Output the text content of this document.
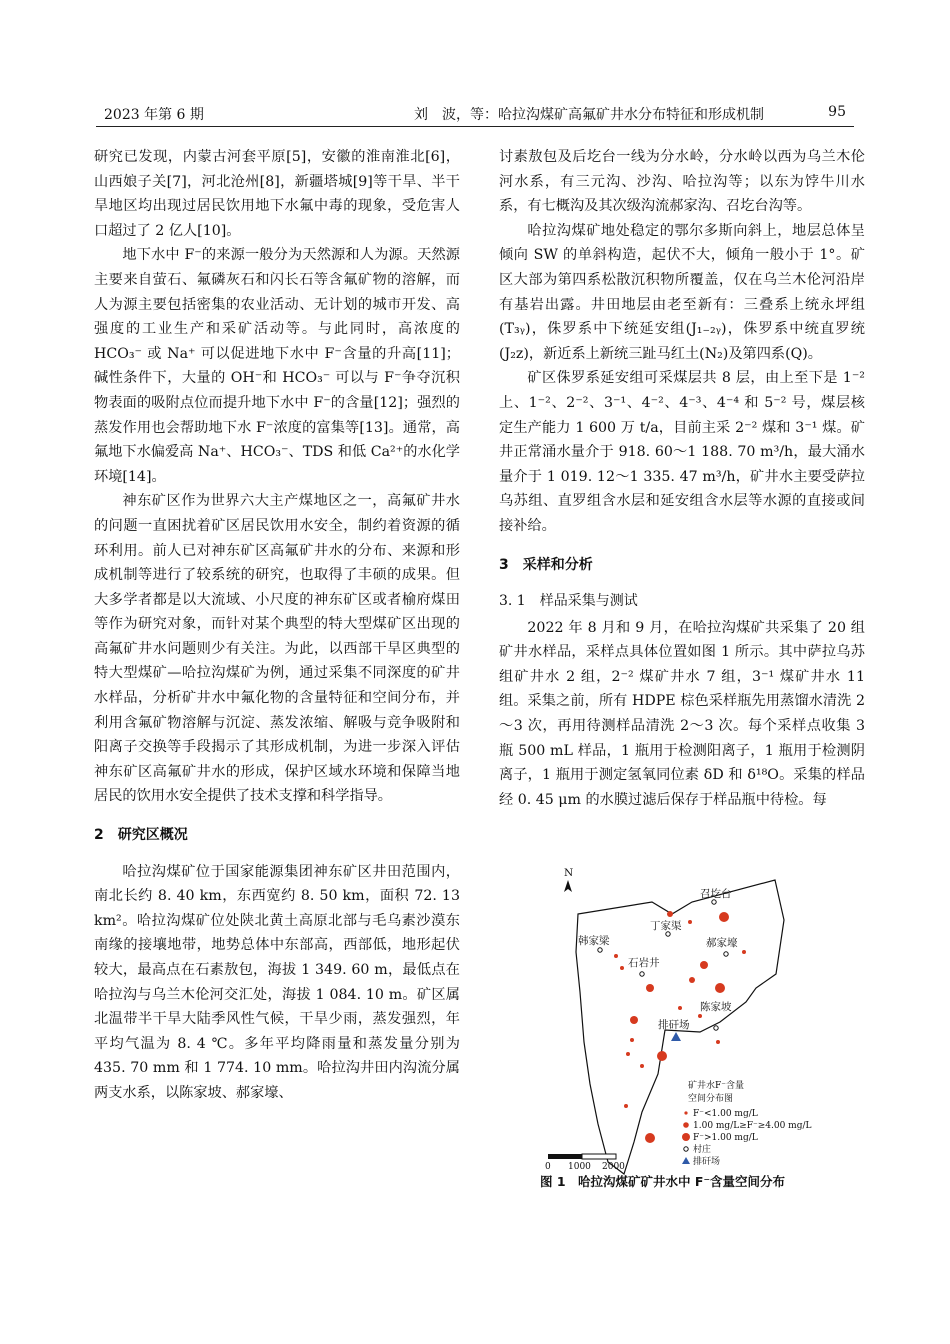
2023 年第 6 期	刘　波，等：哈拉沟煤矿高氟矿井水分布特征和形成机制	95

研究已发现，内蒙古河套平原[5]，安徽的淮南淮北[6]，山西娘子关[7]，河北沧州[8]，新疆塔城[9]等干旱、半干旱地区均出现过居民饮用地下水氟中毒的现象，受危害人口超过了 2 亿人[10]。

地下水中 F⁻的来源一般分为天然源和人为源。天然源主要来自萤石、氟磷灰石和闪长石等含氟矿物的溶解，而人为源主要包括密集的农业活动、无计划的城市开发、高强度的工业生产和采矿活动等。与此同时，高浓度的 HCO₃⁻ 或 Na⁺ 可以促进地下水中 F⁻含量的升高[11]；碱性条件下，大量的 OH⁻和 HCO₃⁻ 可以与 F⁻争夺沉积物表面的吸附点位而提升地下水中 F⁻的含量[12]；强烈的蒸发作用也会帮助地下水 F⁻浓度的富集等[13]。通常，高氟地下水偏爱高 Na⁺、HCO₃⁻、TDS 和低 Ca²⁺的水化学环境[14]。

神东矿区作为世界六大主产煤地区之一，高氟矿井水的问题一直困扰着矿区居民饮用水安全，制约着资源的循环利用。前人已对神东矿区高氟矿井水的分布、来源和形成机制等进行了较系统的研究，也取得了丰硕的成果。但大多学者都是以大流域、小尺度的神东矿区或者榆府煤田等作为研究对象，而针对某个典型的特大型煤矿区出现的高氟矿井水问题则少有关注。为此，以西部干旱区典型的特大型煤矿—哈拉沟煤矿为例，通过采集不同深度的矿井水样品，分析矿井水中氟化物的含量特征和空间分布，并利用含氟矿物溶解与沉淀、蒸发浓缩、解吸与竞争吸附和阳离子交换等手段揭示了其形成机制，为进一步深入评估神东矿区高氟矿井水的形成，保护区域水环境和保障当地居民的饮用水安全提供了技术支撑和科学指导。

2　研究区概况

哈拉沟煤矿位于国家能源集团神东矿区井田范围内，南北长约 8. 40 km，东西宽约 8. 50 km，面积 72. 13 km²。哈拉沟煤矿位处陕北黄土高原北部与毛乌素沙漠东南缘的接壤地带，地势总体中东部高，西部低，地形起伏较大，最高点在石素敖包，海拔 1 349. 60 m，最低点在哈拉沟与乌兰木伦河交汇处，海拔 1 084. 10 m。矿区属北温带半干旱大陆季风性气候，干旱少雨，蒸发强烈，年平均气温为 8. 4 ℃。多年平均降雨量和蒸发量分别为 435. 70 mm 和 1 774. 10 mm。哈拉沟井田内沟流分属两支水系，以陈家坡、郝家壕、

讨素敖包及后圪台一线为分水岭，分水岭以西为乌兰木伦河水系，有三元沟、沙沟、哈拉沟等；以东为饽牛川水系，有七概沟及其次级沟流郝家沟、召圪台沟等。

哈拉沟煤矿地处稳定的鄂尔多斯向斜上，地层总体呈倾向 SW 的单斜构造，起伏不大，倾角一般小于 1°。矿区大部为第四系松散沉积物所覆盖，仅在乌兰木伦河沿岸有基岩出露。井田地层由老至新有：三叠系上统永坪组(T₃ᵧ)，侏罗系中下统延安组(J₁₋₂ᵧ)，侏罗系中统直罗统(J₂z)，新近系上新统三趾马红土(N₂)及第四系(Q)。

矿区侏罗系延安组可采煤层共 8 层，由上至下是 1⁻²上、1⁻²、2⁻²、3⁻¹、4⁻²、4⁻³、4⁻⁴ 和 5⁻² 号，煤层核定生产能力 1 600 万 t/a，目前主采 2⁻² 煤和 3⁻¹ 煤。矿井正常涌水量介于 918. 60～1 188. 70 m³/h，最大涌水量介于 1 019. 12～1 335. 47 m³/h，矿井水主要受萨拉乌苏组、直罗组含水层和延安组含水层等水源的直接或间接补给。

3　采样和分析
3. 1　样品采集与测试

2022 年 8 月和 9 月，在哈拉沟煤矿共采集了 20 组矿井水样品，采样点具体位置如图 1 所示。其中萨拉乌苏组矿井水 2 组，2⁻² 煤矿井水 7 组，3⁻¹ 煤矿井水 11 组。采集之前，所有 HDPE 棕色采样瓶先用蒸馏水清洗 2～3 次，再用待测样品清洗 2～3 次。每个采样点收集 3 瓶 500 mL 样品，1 瓶用于检测阳离子，1 瓶用于检测阴离子，1 瓶用于测定氢氧同位素 δD 和 δ¹⁸O。采集的样品经 0. 45 μm 的水膜过滤后保存于样品瓶中待检。每

N
召圪台
丁家渠
韩家梁	郝家壕
石岩井
陈家坡
排矸场
矿井水F⁻含量
空间分布图
F⁻<1.00 mg/L
1.00 mg/L≥F⁻≥4.00 mg/L
F⁻>1.00 mg/L
村庄
排矸场
0 1000 2000
图 1　哈拉沟煤矿矿井水中 F⁻含量空间分布
